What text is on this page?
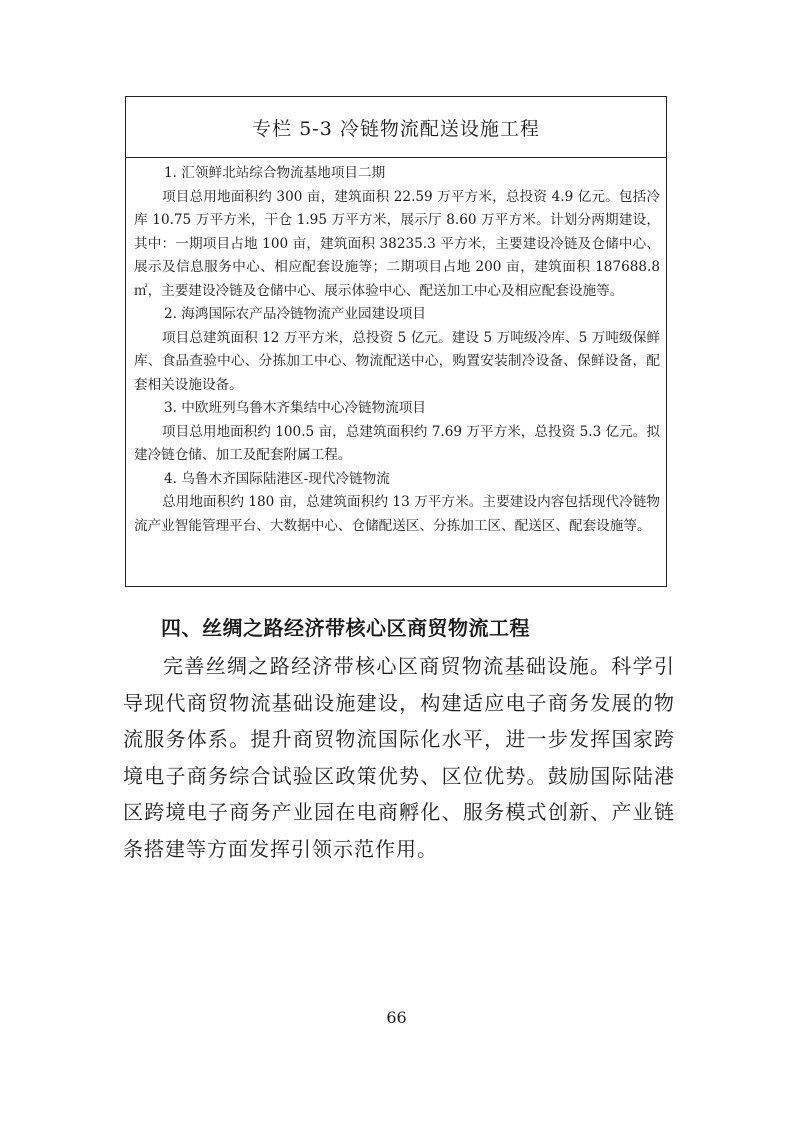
专栏 5-3 冷链物流配送设施工程

1. 汇领鲜北站综合物流基地项目二期

项目总用地面积约 300 亩，建筑面积 22.59 万平方米，总投资 4.9 亿元。包括冷库 10.75 万平方米，干仓 1.95 万平方米，展示厅 8.60 万平方米。计划分两期建设，其中：一期项目占地 100 亩，建筑面积 38235.3 平方米，主要建设冷链及仓储中心、展示及信息服务中心、相应配套设施等；二期项目占地 200 亩，建筑面积 187688.8 ㎡，主要建设冷链及仓储中心、展示体验中心、配送加工中心及相应配套设施等。

2. 海鸿国际农产品冷链物流产业园建设项目

项目总建筑面积 12 万平方米，总投资 5 亿元。建设 5 万吨级冷库、5 万吨级保鲜库、食品查验中心、分拣加工中心、物流配送中心，购置安装制冷设备、保鲜设备，配套相关设施设备。

3. 中欧班列乌鲁木齐集结中心冷链物流项目

项目总用地面积约 100.5 亩，总建筑面积约 7.69 万平方米，总投资 5.3 亿元。拟建冷链仓储、加工及配套附属工程。

4. 乌鲁木齐国际陆港区-现代冷链物流

总用地面积约 180 亩，总建筑面积约 13 万平方米。主要建设内容包括现代冷链物流产业智能管理平台、大数据中心、仓储配送区、分拣加工区、配送区、配套设施等。

四、丝绸之路经济带核心区商贸物流工程

完善丝绸之路经济带核心区商贸物流基础设施。科学引导现代商贸物流基础设施建设，构建适应电子商务发展的物流服务体系。提升商贸物流国际化水平，进一步发挥国家跨境电子商务综合试验区政策优势、区位优势。鼓励国际陆港区跨境电子商务产业园在电商孵化、服务模式创新、产业链条搭建等方面发挥引领示范作用。

66
